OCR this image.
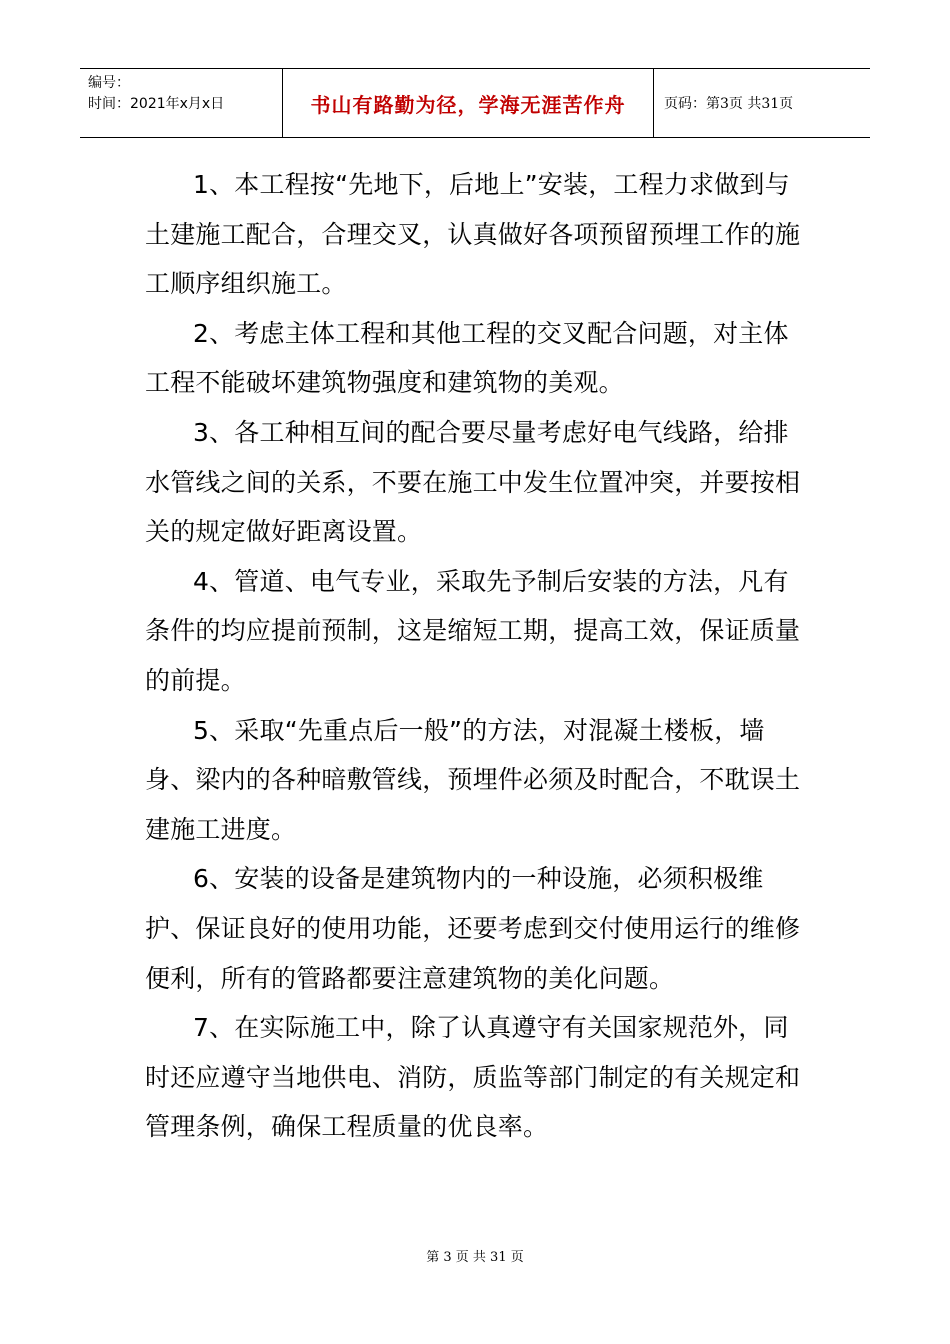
编号：
时间：2021年x月x日	书山有路勤为径，学海无涯苦作舟	页码：第3页 共31页

1、本工程按“先地下，后地上”安装，工程力求做到与土建施工配合，合理交叉，认真做好各项预留预埋工作的施工顺序组织施工。

2、考虑主体工程和其他工程的交叉配合问题，对主体工程不能破坏建筑物强度和建筑物的美观。

3、各工种相互间的配合要尽量考虑好电气线路，给排水管线之间的关系，不要在施工中发生位置冲突，并要按相关的规定做好距离设置。

4、管道、电气专业，采取先予制后安装的方法，凡有条件的均应提前预制，这是缩短工期，提高工效，保证质量的前提。

5、采取“先重点后一般”的方法，对混凝土楼板，墙身、梁内的各种暗敷管线，预埋件必须及时配合，不耽误土建施工进度。

6、安装的设备是建筑物内的一种设施，必须积极维护、保证良好的使用功能，还要考虑到交付使用运行的维修便利，所有的管路都要注意建筑物的美化问题。

7、在实际施工中，除了认真遵守有关国家规范外，同时还应遵守当地供电、消防，质监等部门制定的有关规定和管理条例，确保工程质量的优良率。

第 3 页 共 31 页
